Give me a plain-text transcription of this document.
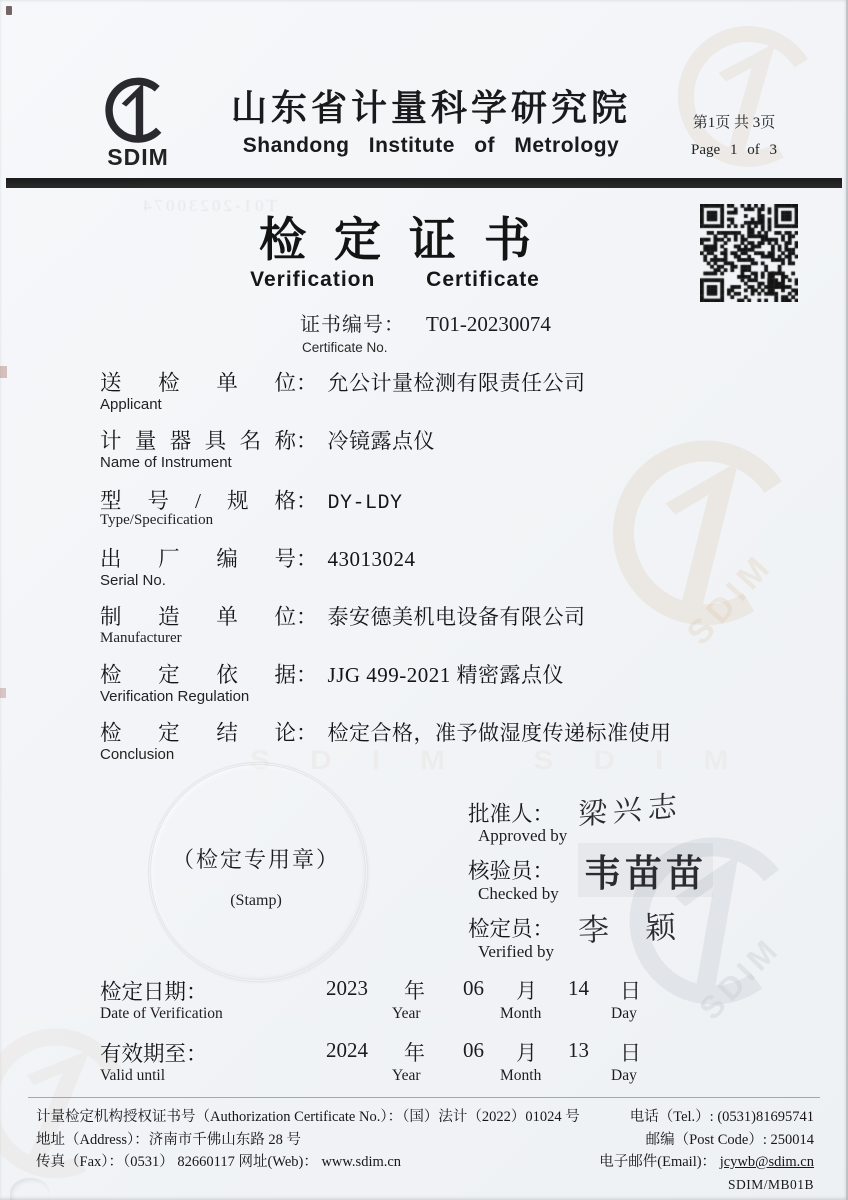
SDIM
SDIM
SDIM SDIM
T01-20230074
SDIM
山东省计量科学研究院
Shandong Institute of Metrology
第1页 共 3页
Page 1 of 3
检定证书
Verification Certificate
证书编号： T01-20230074
Certificate No.
送检单位： 允公计量检测有限责任公司
Applicant
计量器具名称： 冷镜露点仪
Name of Instrument
型号/规格： DY-LDY
Type/Specification
出厂编号： 43013024
Serial No.
制造单位： 泰安德美机电设备有限公司
Manufacturer
检定依据： JJG 499-2021 精密露点仪
Verification Regulation
检定结论： 检定合格，准予做湿度传递标准使用
Conclusion
（检定专用章）
(Stamp)
批准人：
Approved by
梁兴志
核验员：
Checked by 韦苗苗
检定员：
Verified by
李 颖
检定日期：
Date of Verification
2023 年 06 月 14 日
Year	Month	Day
有效期至：
Valid until
2024 年 06 月 13 日
Year	Month	Day
计量检定机构授权证书号（Authorization Certificate No.）：（国）法计（2022）01024 号
地址（Address）：济南市千佛山东路 28 号
传真（Fax）：（0531） 82660117 网址(Web)： www.sdim.cn
电话（Tel.）: (0531)81695741
邮编（Post Code）: 250014
电子邮件(Email)： jcywb@sdim.cn
SDIM/MB01B
